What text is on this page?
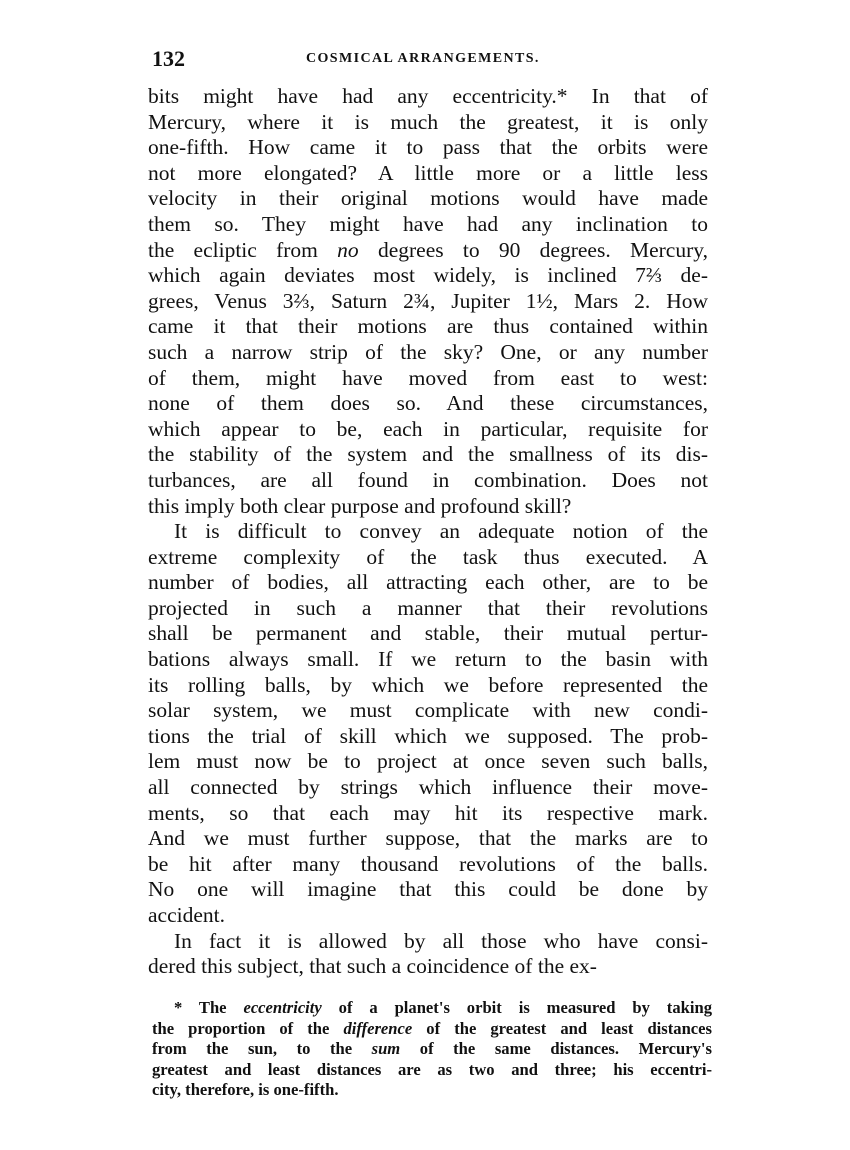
132	COSMICAL ARRANGEMENTS.
bits might have had any eccentricity.* In that of
Mercury, where it is much the greatest, it is only
one-fifth. How came it to pass that the orbits were
not more elongated? A little more or a little less
velocity in their original motions would have made
them so. They might have had any inclination to
the ecliptic from no degrees to 90 degrees. Mercury,
which again deviates most widely, is inclined 7⅔ de-
grees, Venus 3⅔, Saturn 2¾, Jupiter 1½, Mars 2. How
came it that their motions are thus contained within
such a narrow strip of the sky? One, or any number
of them, might have moved from east to west:
none of them does so. And these circumstances,
which appear to be, each in particular, requisite for
the stability of the system and the smallness of its dis-
turbances, are all found in combination. Does not
this imply both clear purpose and profound skill?
It is difficult to convey an adequate notion of the
extreme complexity of the task thus executed. A
number of bodies, all attracting each other, are to be
projected in such a manner that their revolutions
shall be permanent and stable, their mutual pertur-
bations always small. If we return to the basin with
its rolling balls, by which we before represented the
solar system, we must complicate with new condi-
tions the trial of skill which we supposed. The prob-
lem must now be to project at once seven such balls,
all connected by strings which influence their move-
ments, so that each may hit its respective mark.
And we must further suppose, that the marks are to
be hit after many thousand revolutions of the balls.
No one will imagine that this could be done by
accident.
In fact it is allowed by all those who have consi-
dered this subject, that such a coincidence of the ex-
* The eccentricity of a planet's orbit is measured by taking
the proportion of the difference of the greatest and least distances
from the sun, to the sum of the same distances. Mercury's
greatest and least distances are as two and three; his eccentri-
city, therefore, is one-fifth.
